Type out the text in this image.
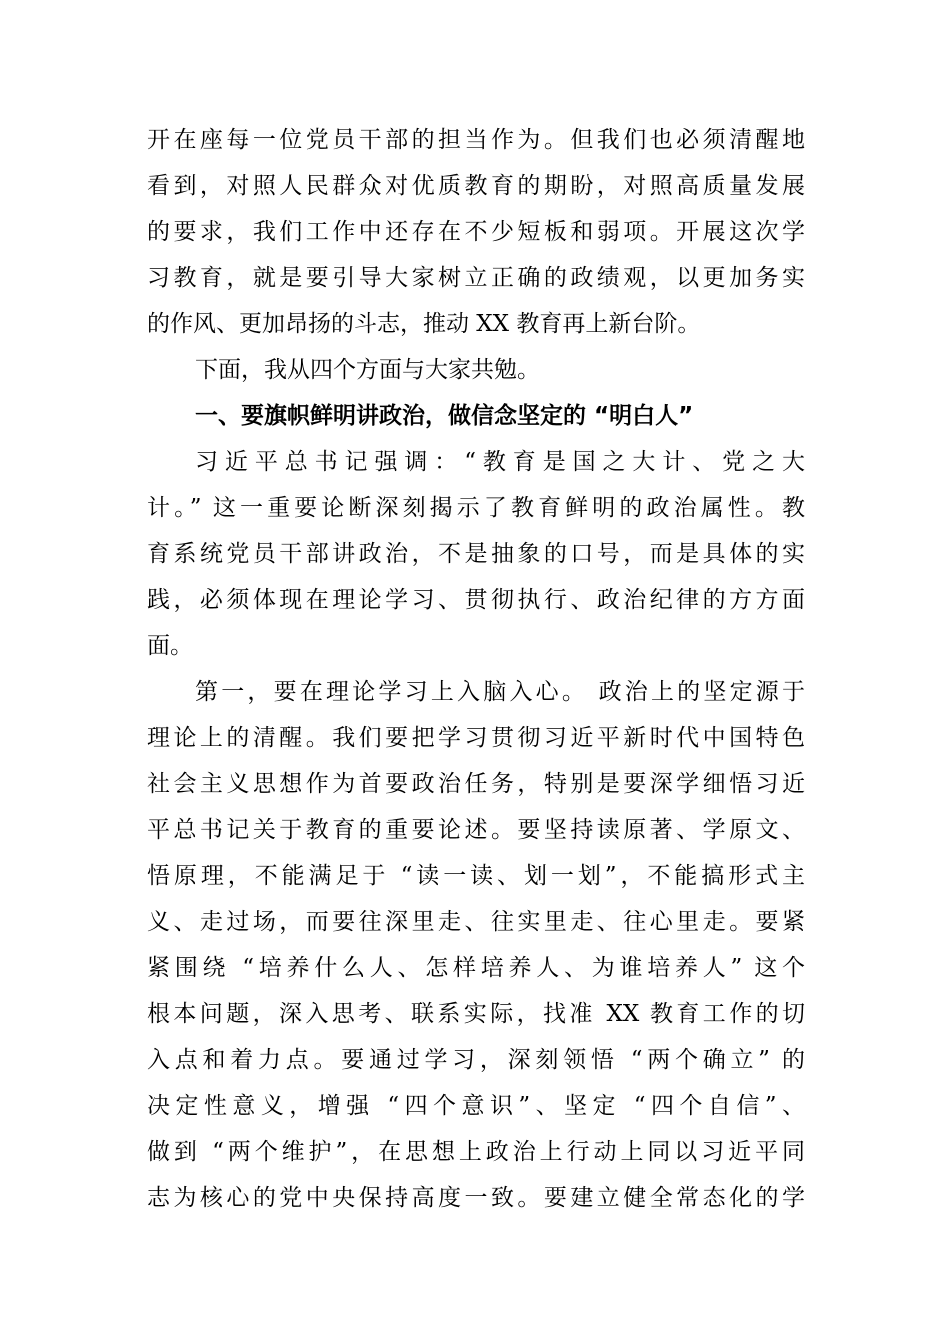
开在座每一位党员干部的担当作为。但我们也必须清醒地
看到，对照人民群众对优质教育的期盼，对照高质量发展
的要求，我们工作中还存在不少短板和弱项。开展这次学
习教育，就是要引导大家树立正确的政绩观，以更加务实
的作风、更加昂扬的斗志，推动 XX 教育再上新台阶。
下面，我从四个方面与大家共勉。
一、要旗帜鲜明讲政治，做信念坚定的 “明白人”
习近平总书记强调：“教育是国之大计、党之大
计。” 这一重要论断深刻揭示了教育鲜明的政治属性。教
育系统党员干部讲政治，不是抽象的口号，而是具体的实
践，必须体现在理论学习、贯彻执行、政治纪律的方方面
面。
第一，要在理论学习上入脑入心。 政治上的坚定源于
理论上的清醒。我们要把学习贯彻习近平新时代中国特色
社会主义思想作为首要政治任务，特别是要深学细悟习近
平总书记关于教育的重要论述。要坚持读原著、学原文、
悟原理，不能满足于 “读一读、划一划”，不能搞形式主
义、走过场，而要往深里走、往实里走、往心里走。要紧
紧围绕 “培养什么人、怎样培养人、为谁培养人” 这个
根本问题，深入思考、联系实际，找准 XX 教育工作的切
入点和着力点。要通过学习，深刻领悟 “两个确立” 的
决定性意义，增强 “四个意识”、坚定 “四个自信”、
做到 “两个维护”，在思想上政治上行动上同以习近平同
志为核心的党中央保持高度一致。要建立健全常态化的学
